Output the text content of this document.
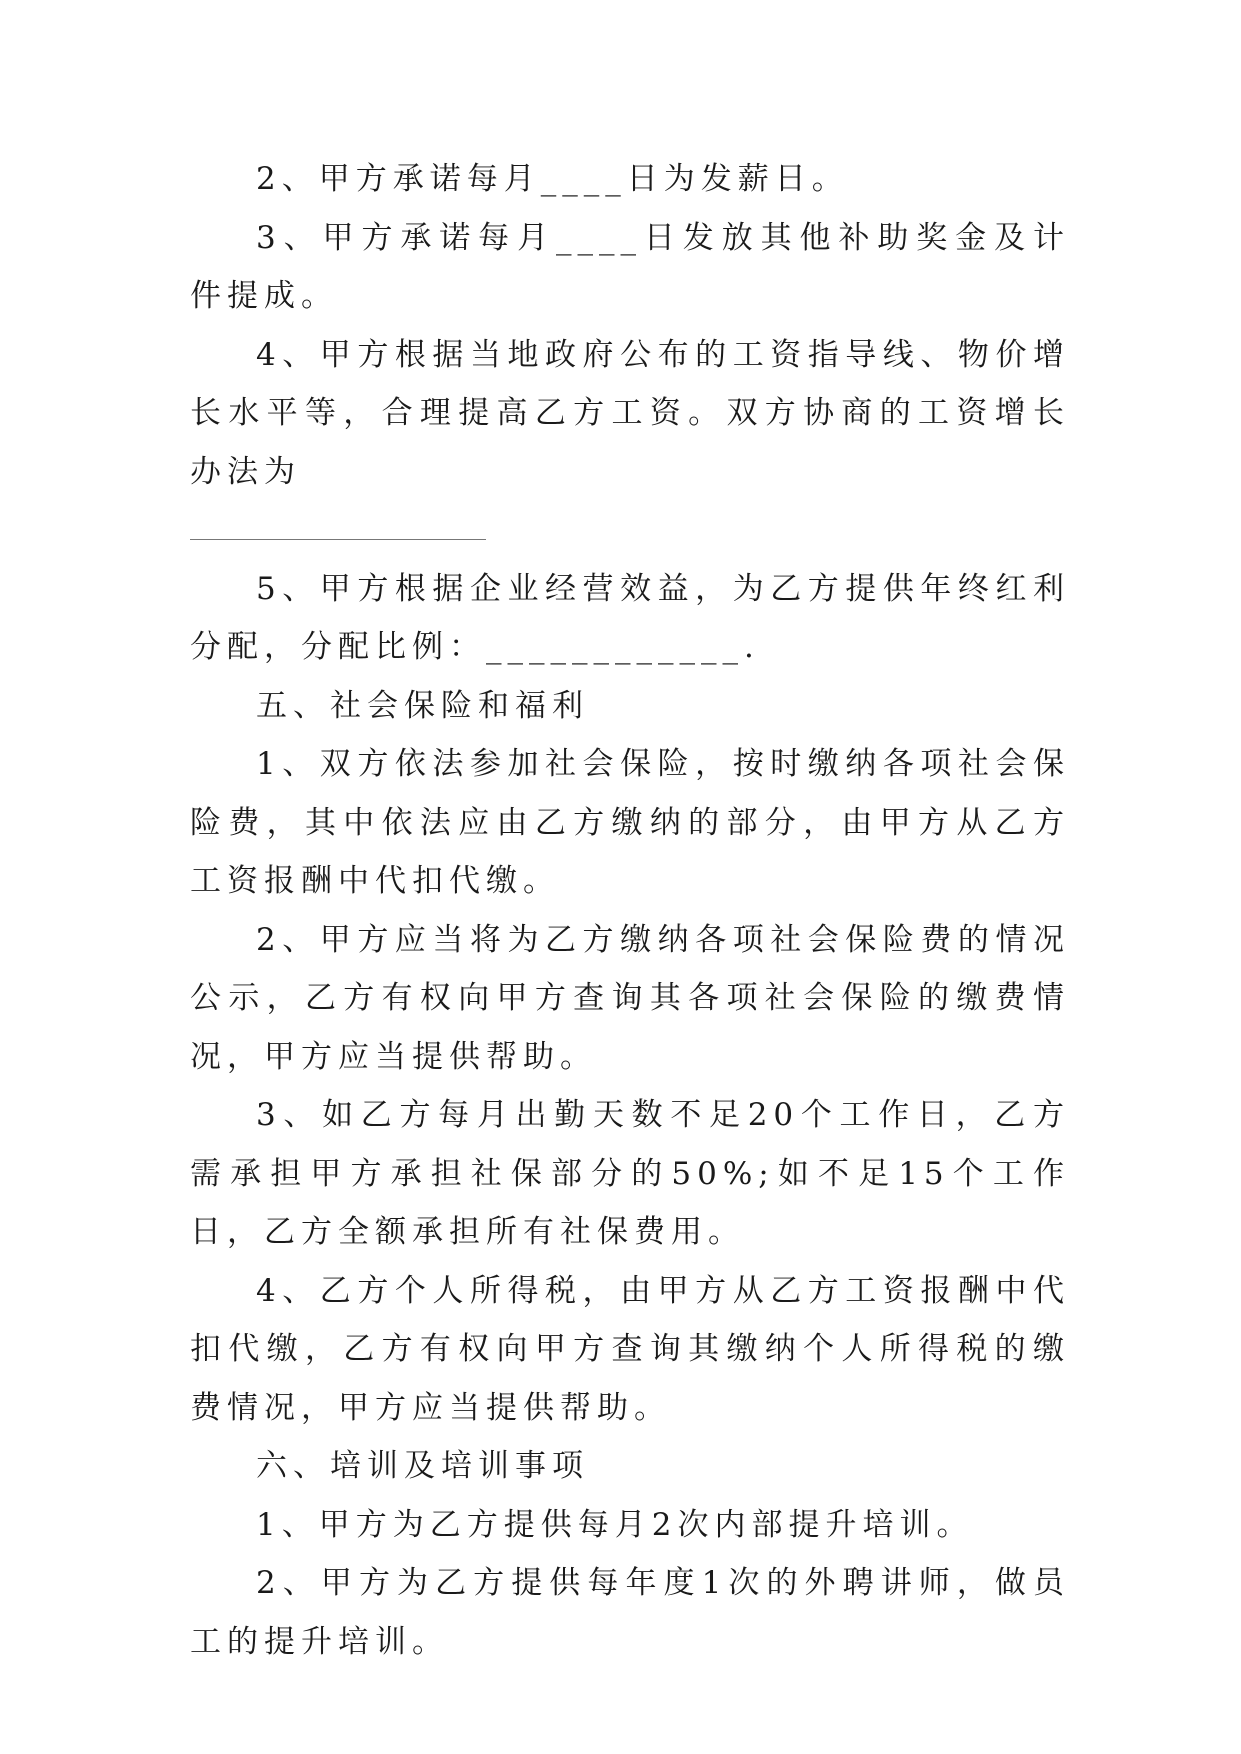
2、甲方承诺每月____日为发薪日。

3、甲方承诺每月____日发放其他补助奖金及计件提成。

4、甲方根据当地政府公布的工资指导线、物价增长水平等，合理提高乙方工资。双方协商的工资增长办法为

5、甲方根据企业经营效益，为乙方提供年终红利分配，分配比例：____________.

五、社会保险和福利

1、双方依法参加社会保险，按时缴纳各项社会保险费，其中依法应由乙方缴纳的部分，由甲方从乙方工资报酬中代扣代缴。

2、甲方应当将为乙方缴纳各项社会保险费的情况公示，乙方有权向甲方查询其各项社会保险的缴费情况，甲方应当提供帮助。

3、如乙方每月出勤天数不足20个工作日，乙方需承担甲方承担社保部分的50%;如不足15个工作日，乙方全额承担所有社保费用。

4、乙方个人所得税，由甲方从乙方工资报酬中代扣代缴，乙方有权向甲方查询其缴纳个人所得税的缴费情况，甲方应当提供帮助。

六、培训及培训事项

1、甲方为乙方提供每月2次内部提升培训。

2、甲方为乙方提供每年度1次的外聘讲师，做员工的提升培训。
